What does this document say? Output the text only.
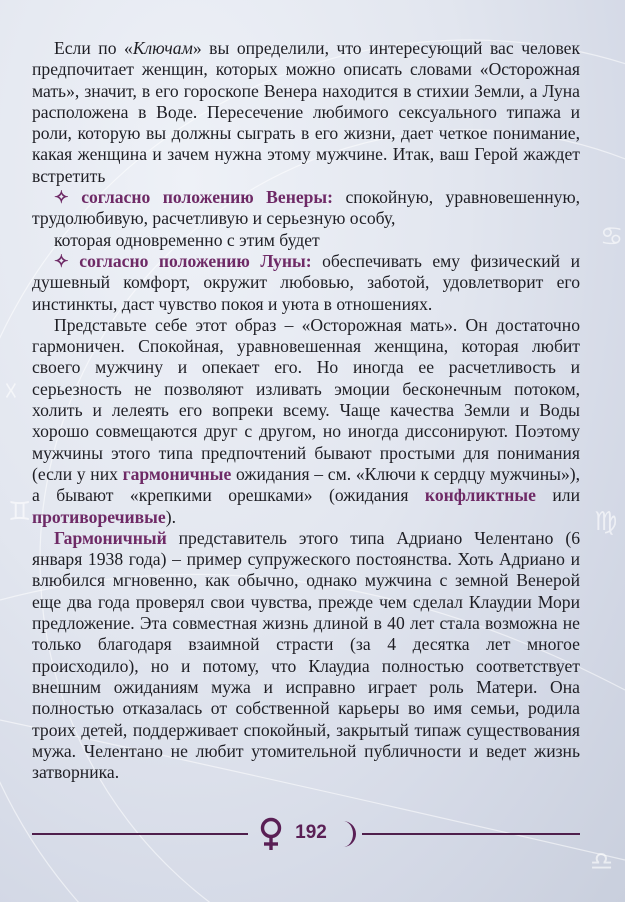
☓
♊	♍
♋
♎

Если по «Ключам» вы определили, что интересующий вас человек предпочитает женщин, которых можно описать словами «Осторожная мать», значит, в его гороскопе Венера находится в стихии Земли, а Луна расположена в Воде. Пересечение любимого сексуального типажа и роли, которую вы должны сыграть в его жизни, дает четкое понимание, какая женщина и зачем нужна этому мужчине. Итак, ваш Герой жаждет встретить

✧ согласно положению Венеры: спокойную, уравновешенную, трудолюбивую, расчетливую и серьезную особу,

которая одновременно с этим будет

✧ согласно положению Луны: обеспечивать ему физический и душевный комфорт, окружит любовью, заботой, удовлетворит его инстинкты, даст чувство покоя и уюта в отношениях.

Представьте себе этот образ – «Осторожная мать». Он достаточно гармоничен. Спокойная, уравновешенная женщина, которая любит своего мужчину и опекает его. Но иногда ее расчетливость и серьезность не позволяют изливать эмоции бесконечным потоком, холить и лелеять его вопреки всему. Чаще качества Земли и Воды хорошо совмещаются друг с другом, но иногда диссонируют. Поэтому мужчины этого типа предпочтений бывают простыми для понимания (если у них гармоничные ожидания – см. «Ключи к сердцу мужчины»), а бывают «крепкими орешками» (ожидания конфликтные или противоречивые).

Гармоничный представитель этого типа Адриано Челентано (6 января 1938 года) – пример супружеского постоянства. Хоть Адриано и влюбился мгновенно, как обычно, однако мужчина с земной Венерой еще два года проверял свои чувства, прежде чем сделал Клаудии Мори предложение. Эта совместная жизнь длиной в 40 лет стала возможна не только благодаря взаимной страсти (за 4 десятка лет многое происходило), но и потому, что Клаудиа полностью соответствует внешним ожиданиям мужа и исправно играет роль Матери. Она полностью отказалась от собственной карьеры во имя семьи, родила троих детей, поддерживает спокойный, закрытый типаж существования мужа. Челентано не любит утомительной публичности и ведет жизнь затворника.

192
